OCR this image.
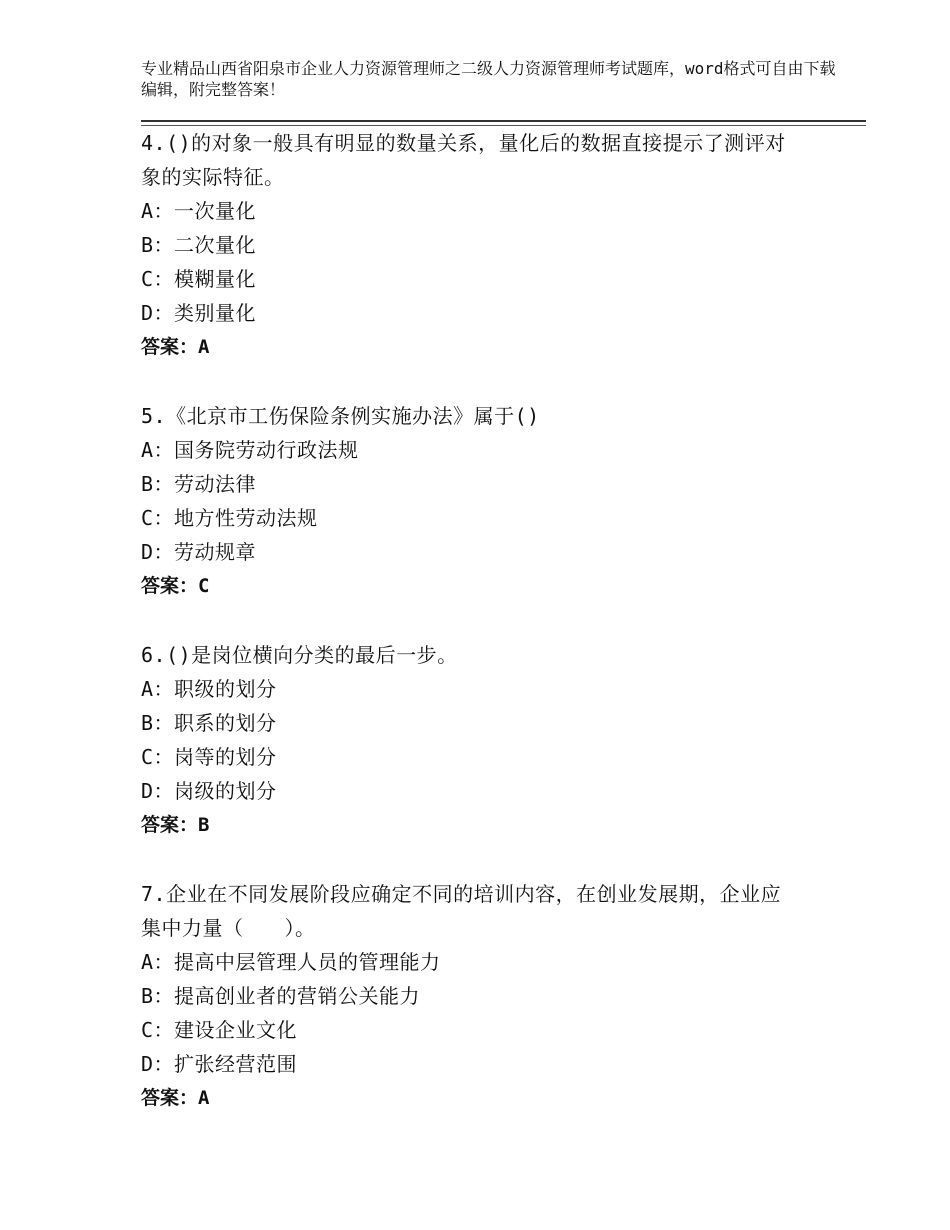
专业精品山西省阳泉市企业人力资源管理师之二级人力资源管理师考试题库，word格式可自由下载编辑，附完整答案！

4.()的对象一般具有明显的数量关系，量化后的数据直接提示了测评对象的实际特征。

A：一次量化

B：二次量化

C：模糊量化

D：类别量化

答案：A

5.《北京市工伤保险条例实施办法》属于()

A：国务院劳动行政法规

B：劳动法律

C：地方性劳动法规

D：劳动规章

答案：C

6.()是岗位横向分类的最后一步。

A：职级的划分

B：职系的划分

C：岗等的划分

D：岗级的划分

答案：B

7.企业在不同发展阶段应确定不同的培训内容，在创业发展期，企业应集中力量（　　）。

A：提高中层管理人员的管理能力

B：提高创业者的营销公关能力

C：建设企业文化

D：扩张经营范围

答案：A
